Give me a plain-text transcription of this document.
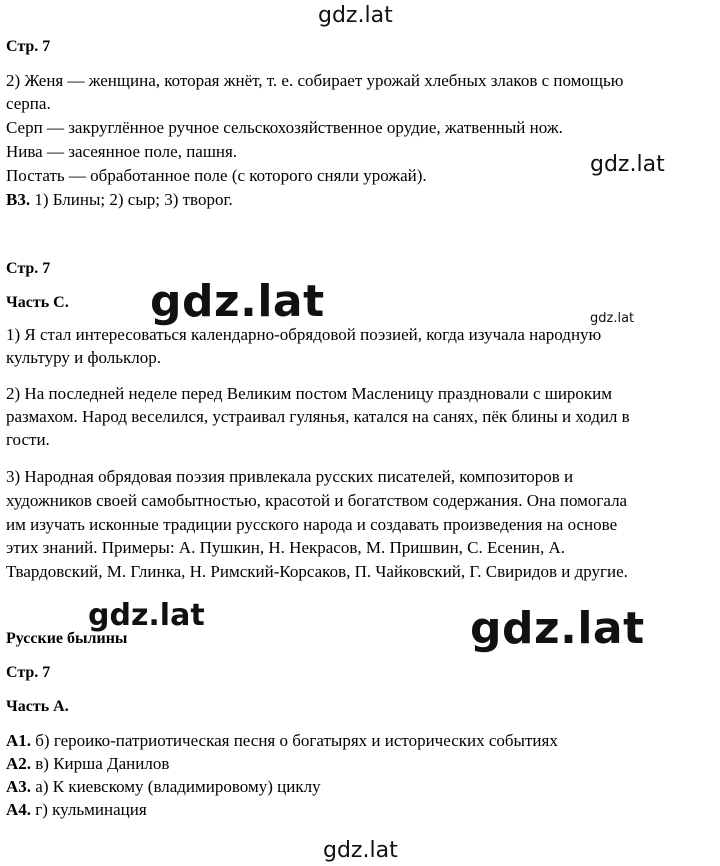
Стр. 7
2) Женя — женщина, которая жнёт, т. е. собирает урожай хлебных злаков с помощью
серпа.
Серп — закруглённое ручное сельскохозяйственное орудие, жатвенный нож.
Нива — засеянное поле, пашня.
Постать — обработанное поле (с которого сняли урожай).
В3. 1) Блины; 2) сыр; 3) творог.
Стр. 7
Часть С.
1) Я стал интересоваться календарно-обрядовой поэзией, когда изучала народную
культуру и фольклор.
2) На последней неделе перед Великим постом Масленицу праздновали с широким
размахом. Народ веселился, устраивал гулянья, катался на санях, пёк блины и ходил в
гости.
3) Народная обрядовая поэзия привлекала русских писателей, композиторов и
художников своей самобытностью, красотой и богатством содержания. Она помогала
им изучать исконные традиции русского народа и создавать произведения на основе
этих знаний. Примеры: А. Пушкин, Н. Некрасов, М. Пришвин, С. Есенин, А.
Твардовский, М. Глинка, Н. Римский-Корсаков, П. Чайковский, Г. Свиридов и другие.
Русские былины
Стр. 7
Часть А.
А1. б) героико-патриотическая песня о богатырях и исторических событиях
А2. в) Кирша Данилов
А3. а) К киевскому (владимировому) циклу
А4. г) кульминация
gdz.lat
gdz.lat
gdz.lat	gdz.lat
gdz.lat	gdz.lat
gdz.lat
